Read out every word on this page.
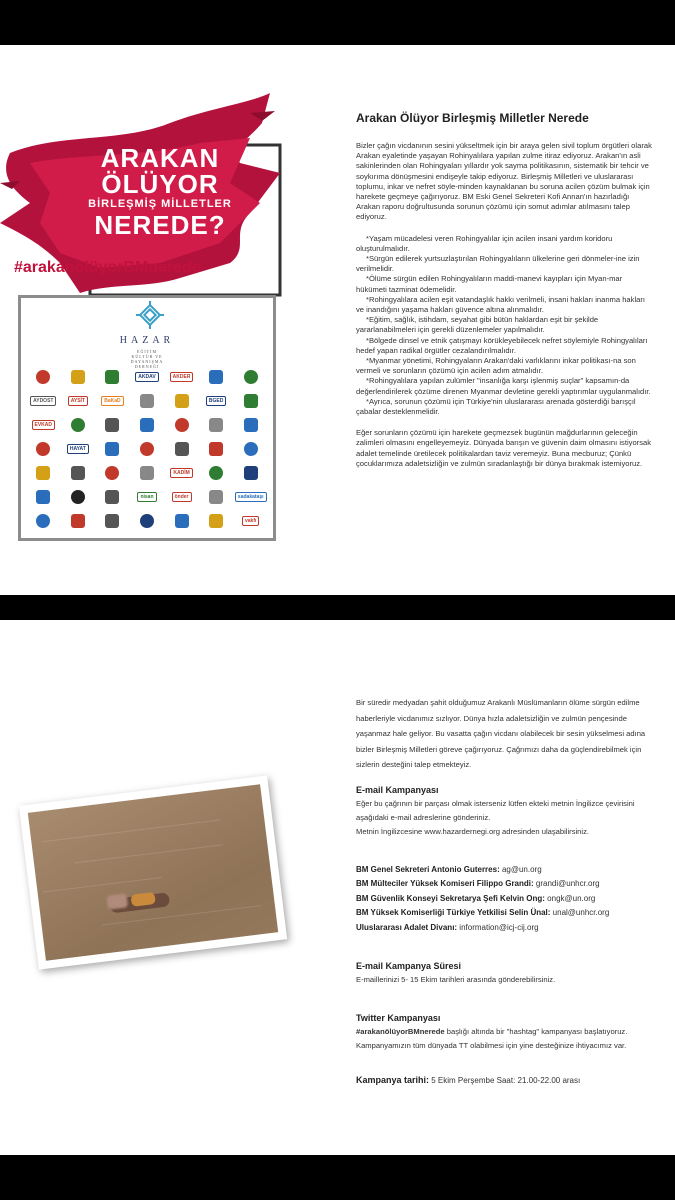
ARAKAN
ÖLÜYOR
BİRLEŞMİŞ MİLLETLER
NEREDE?
#arakanölüyorBMnerede
HAZAR
EĞİTİM
KÜLTÜR VE
DAYANIŞMA
DERNEĞİ
AKDAV	AKDER
AYDOST	AYSİT	BaKaD	BGED
EVKAD
HAYAT
KADİM
nisan	önder	sadakataşı
vakfı
Arakan Ölüyor Birleşmiş Milletler Nerede

Bizler çağın vicdanının sesini yükseltmek için bir araya gelen sivil toplum örgütleri olarak Arakan eyaletinde yaşayan Rohinyalılara yapılan zulme itiraz ediyoruz. Arakan'ın asli sakinlerinden olan Rohingyaları yıllardır yok sayma politikasının, sistematik bir tehcir ve soykırıma dönüşmesini endişeyle takip ediyoruz. Birleşmiş Milletleri ve uluslararası toplumu, inkar ve nefret söyle-minden kaynaklanan bu soruna acilen çözüm bulmak için harekete geçmeye çağırıyoruz. BM Eski Genel Sekreteri Kofi Annan'ın hazırladığı Arakan raporu doğrultusunda sorunun çözümü için somut adımlar atılmasını talep ediyoruz.

*Yaşam mücadelesi veren Rohingyalılar için acilen insani yardım koridoru oluşturulmalıdır.

*Sürgün edilerek yurtsuzlaştırılan Rohingyalıların ülkelerine geri dönmeler-ine izin verilmelidir.

*Ölüme sürgün edilen Rohingyalıların maddi-manevi kayıpları için Myan-mar hükümeti tazminat ödemelidir.

*Rohingyalılara acilen eşit vatandaşlık hakkı verilmeli, insani hakları inanma hakları ve inandığını yaşama hakları güvence altına alınmalıdır.

*Eğitim, sağlık, istihdam, seyahat gibi bütün haklardan eşit bir şekilde yararlanabilmeleri için gerekli düzenlemeler yapılmalıdır.

*Bölgede dinsel ve etnik çatışmayı körükleyebilecek nefret söylemiyle Rohingyalıları hedef yapan radikal örgütler cezalandırılmalıdır.

*Myanmar yönetimi, Rohingyaların Arakan'daki varlıklarını inkar politikası-na son vermeli ve sorunların çözümü için acilen adım atmalıdır.

*Rohingyalılara yapılan zulümler "insanlığa karşı işlenmiş suçlar" kapsamın-da değerlendirilerek çözüme direnen Myanmar devletine gerekli yaptırımlar uygulanmalıdır.

*Ayrıca, sorunun çözümü için Türkiye'nin uluslararası arenada gösterdiği barışçıl çabalar desteklenmelidir.

Eğer sorunların çözümü için harekete geçmezsek bugünün mağdurlarının geleceğin zalimleri olmasını engelleyemeyiz. Dünyada barışın ve güvenin daim olmasını istiyorsak adalet temelinde üretilecek politikalardan taviz veremeyiz. Buna mecburuz; Çünkü çocuklarımıza adaletsizliğin ve zulmün sıradanlaştığı bir dünya bırakmak istemiyoruz.

Bir süredir medyadan şahit olduğumuz Arakanlı Müslümanların ölüme sürgün edilme haberleriyle vicdanımız sızlıyor. Dünya hızla adaletsizliğin ve zulmün pençesinde yaşanmaz hale geliyor. Bu vasatta çağın vicdanı olabilecek bir sesin yükselmesi adına bizler Birleşmiş Milletleri göreve çağırıyoruz. Çağrımızı daha da güçlendirebilmek için sizlerin desteğini talep etmekteyiz.

E-mail Kampanyası

Eğer bu çağrının bir parçası olmak isterseniz lütfen ekteki metnin İngilizce çevirisini aşağıdaki e-mail adreslerine gönderiniz.

Metnin İngilizcesine www.hazardernegi.org adresinden ulaşabilirsiniz.

BM Genel Sekreteri Antonio Guterres: ag@un.org
BM Mülteciler Yüksek Komiseri Filippo Grandi: grandi@unhcr.org
BM Güvenlik Konseyi Sekretarya Şefi Kelvin Ong: ongk@un.org
BM Yüksek Komiserliği Türkiye Yetkilisi Selin Ünal: unal@unhcr.org
Uluslararası Adalet Divanı: information@icj-cij.org
E-mail Kampanya Süresi

E-maillerinizi 5- 15 Ekim tarihleri arasında gönderebilirsiniz.

Twitter Kampanyası

#arakanölüyorBMnerede başlığı altında bir "hashtag" kampanyası başlatıyoruz. Kampanyamızın tüm dünyada TT olabilmesi için yine desteğinize ihtiyacımız var.

Kampanya tarihi: 5 Ekim Perşembe Saat: 21.00-22.00 arası
